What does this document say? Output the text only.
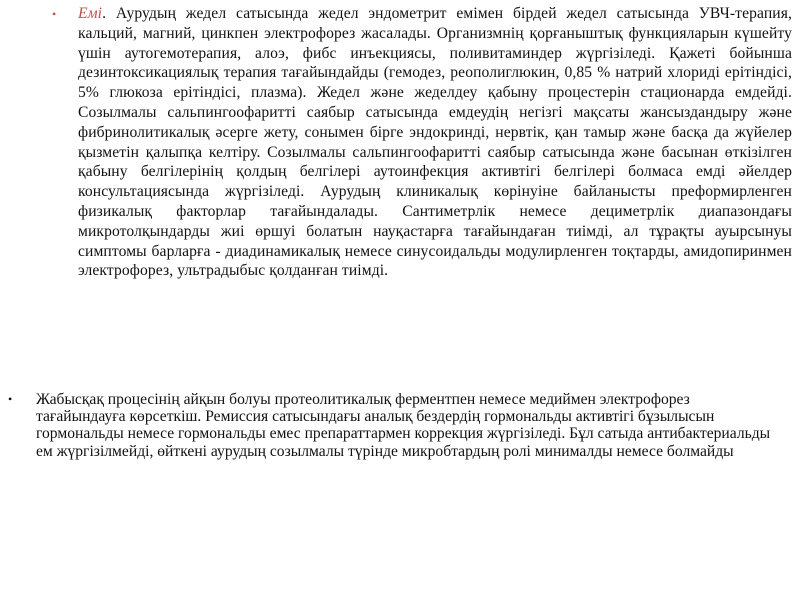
• Емі. Аурудың жедел сатысында жедел эндометрит емімен бірдей жедел сатысында УВЧ-терапия, кальций, магний, цинкпен электрофорез жасалады. Организмнің қорғаныштық функцияларын күшейту үшін аутогемотерапия, алоэ, фибс инъекциясы, поливитаминдер жүргізіледі. Қажеті бойынша дезинтоксикациялық терапия тағайындайды (гемодез, реополиглюкин, 0,85 % натрий хлориді ерітіндісі, 5% глюкоза ерітіндісі, плазма). Жедел және жеделдеу қабыну процестерін стационарда емдейді. Созылмалы сальпингоофаритті саябыр сатысында емдеудің негізгі мақсаты жансыздандыру және фибринолитикалық әсерге жету, сонымен бірге эндокринді, нервтік, қан тамыр және басқа да жүйелер қызметін қалыпқа келтіру. Созылмалы сальпингоофаритті саябыр сатысында және басынан өткізілген қабыну белгілерінің қолдың белгілері аутоинфекция активтігі белгілері болмаса емді әйелдер консультациясында жүргізіледі. Аурудың клиникалық көрінуіне байланысты преформирленген физикалық факторлар тағайындалады. Сантиметрлік немесе дециметрлік диапазондағы микротолқындарды жиі өршуі болатын науқастарға тағайындаған тиімді, ал тұрақты ауырсынуы симптомы барларға - диадинамикалық немесе синусоидальды модулирленген тоқтарды, амидопиринмен электрофорез, ультрадыбыс қолданған тиімді.

• Жабысқақ процесінің айқын болуы протеолитикалық ферментпен немесе медиймен электрофорез тағайындауға көрсеткіш. Ремиссия сатысындағы аналық бездердің гормональды активтігі бұзылысын гормональды немесе гормональды емес препараттармен коррекция жүргізіледі. Бұл сатыда антибактериальды ем жүргізілмейді, өйткені аурудың созылмалы түрінде микробтардың ролі минималды немесе болмайды
